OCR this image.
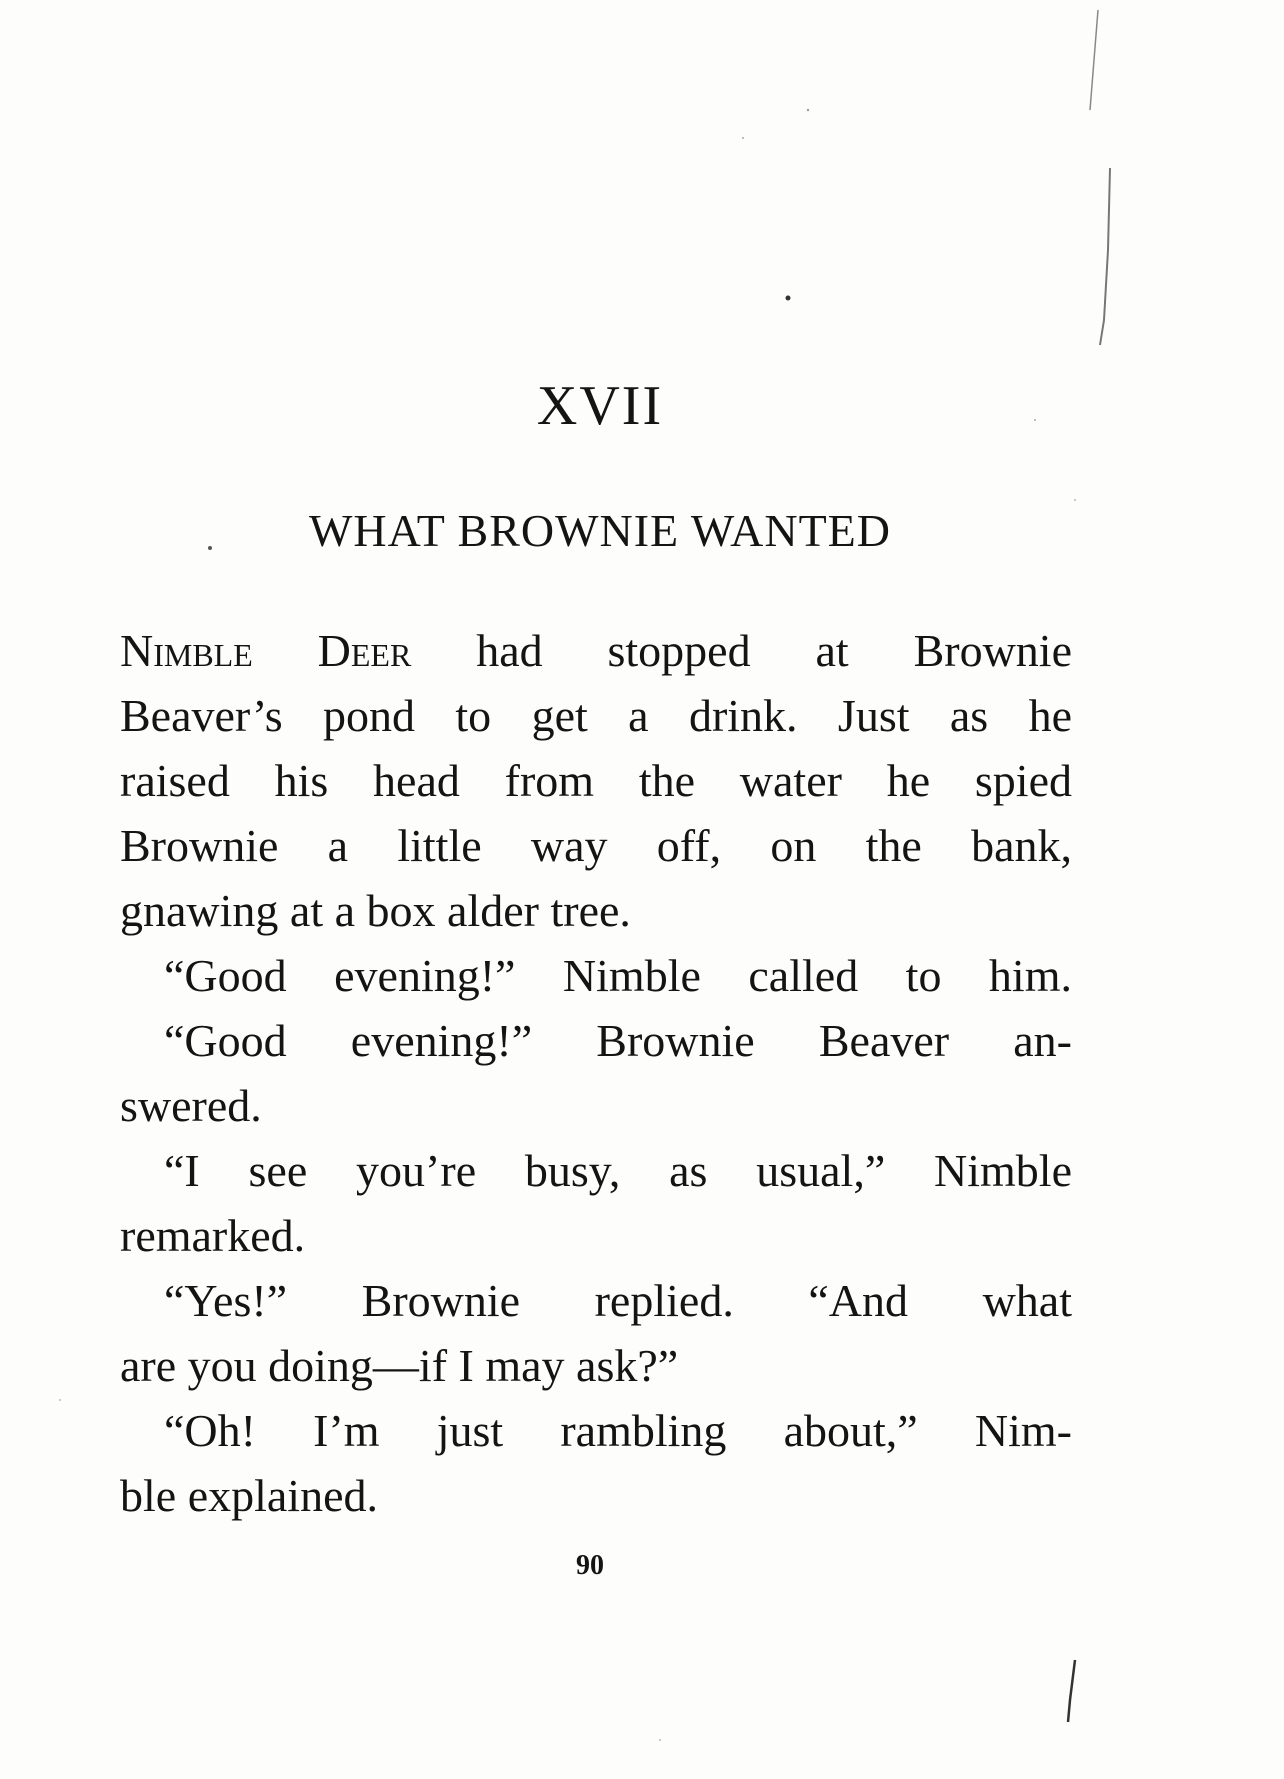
XVII
WHAT BROWNIE WANTED
Nimble Deer had stopped at Brownie
Beaver’s pond to get a drink. Just as he
raised his head from the water he spied
Brownie a little way off, on the bank,
gnawing at a box alder tree.
“Good evening!” Nimble called to him.
“Good evening!” Brownie Beaver an-
swered.
“I see you’re busy, as usual,” Nimble
remarked.
“Yes!” Brownie replied. “And what
are you doing—if I may ask?”
“Oh! I’m just rambling about,” Nim-
ble explained.
90
